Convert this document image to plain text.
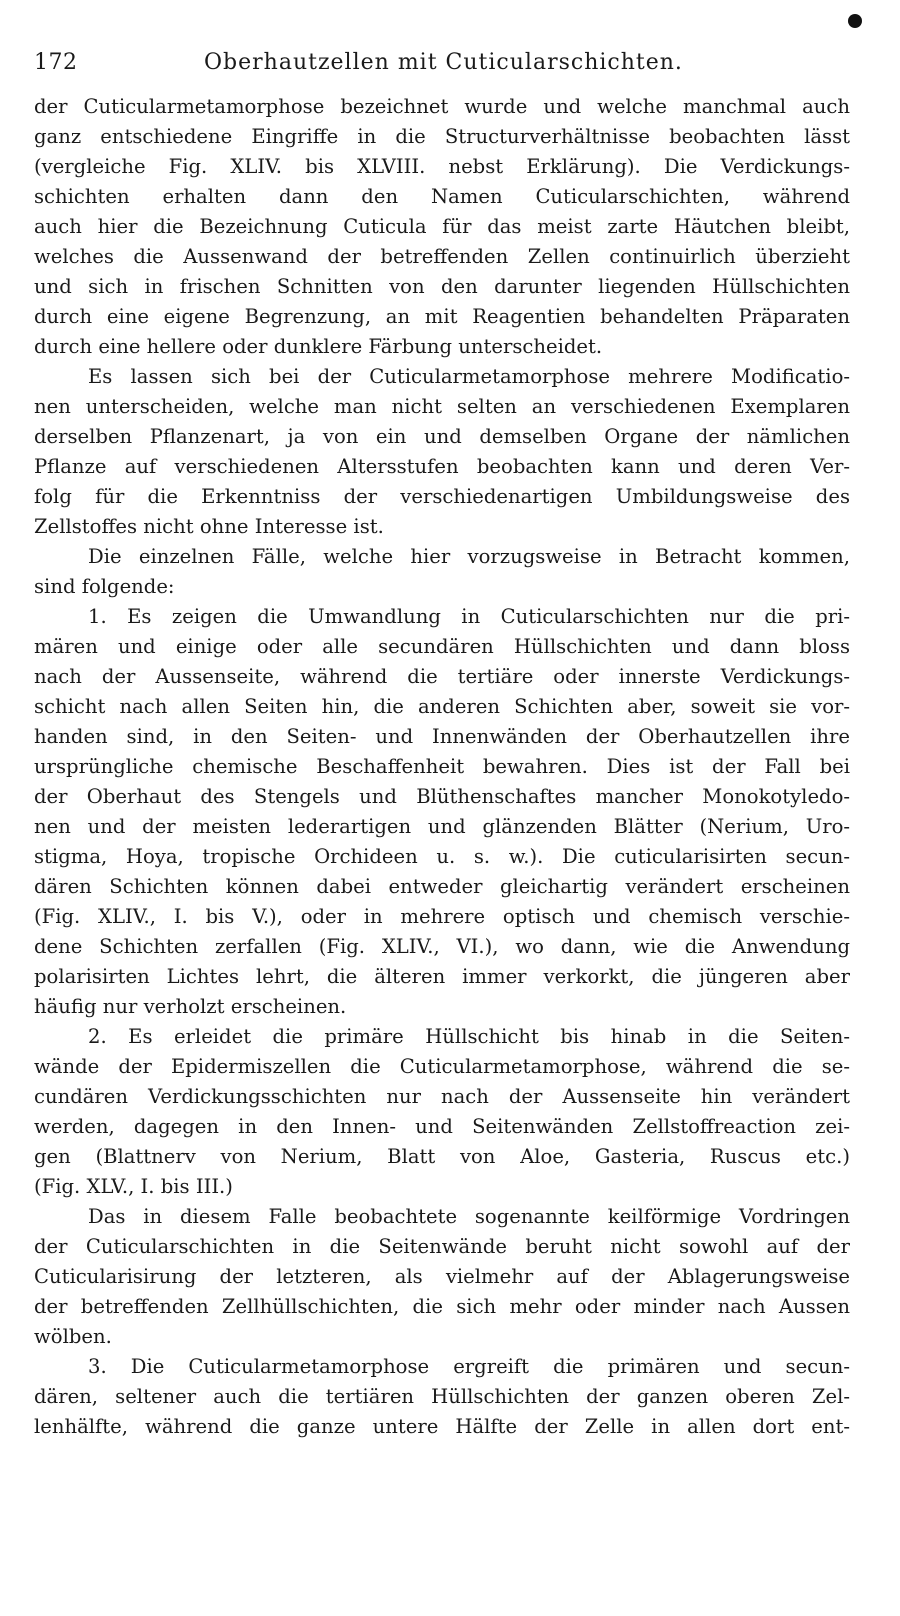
172	Oberhautzellen mit Cuticularschichten.
der Cuticularmetamorphose bezeichnet wurde und welche manchmal auch
ganz entschiedene Eingriffe in die Structurverhältnisse beobachten lässt
(vergleiche Fig. XLIV. bis XLVIII. nebst Erklärung). Die Verdickungs-
schichten erhalten dann den Namen Cuticularschichten, während
auch hier die Bezeichnung Cuticula für das meist zarte Häutchen bleibt,
welches die Aussenwand der betreffenden Zellen continuirlich überzieht
und sich in frischen Schnitten von den darunter liegenden Hüllschichten
durch eine eigene Begrenzung, an mit Reagentien behandelten Präparaten
durch eine hellere oder dunklere Färbung unterscheidet.
Es lassen sich bei der Cuticularmetamorphose mehrere Modificatio-
nen unterscheiden, welche man nicht selten an verschiedenen Exemplaren
derselben Pflanzenart, ja von ein und demselben Organe der nämlichen
Pflanze auf verschiedenen Altersstufen beobachten kann und deren Ver-
folg für die Erkenntniss der verschiedenartigen Umbildungsweise des
Zellstoffes nicht ohne Interesse ist.
Die einzelnen Fälle, welche hier vorzugsweise in Betracht kommen,
sind folgende:
1. Es zeigen die Umwandlung in Cuticularschichten nur die pri-
mären und einige oder alle secundären Hüllschichten und dann bloss
nach der Aussenseite, während die tertiäre oder innerste Verdickungs-
schicht nach allen Seiten hin, die anderen Schichten aber, soweit sie vor-
handen sind, in den Seiten- und Innenwänden der Oberhautzellen ihre
ursprüngliche chemische Beschaffenheit bewahren. Dies ist der Fall bei
der Oberhaut des Stengels und Blüthenschaftes mancher Monokotyledo-
nen und der meisten lederartigen und glänzenden Blätter (Nerium, Uro-
stigma, Hoya, tropische Orchideen u. s. w.). Die cuticularisirten secun-
dären Schichten können dabei entweder gleichartig verändert erscheinen
(Fig. XLIV., I. bis V.), oder in mehrere optisch und chemisch verschie-
dene Schichten zerfallen (Fig. XLIV., VI.), wo dann, wie die Anwendung
polarisirten Lichtes lehrt, die älteren immer verkorkt, die jüngeren aber
häufig nur verholzt erscheinen.
2. Es erleidet die primäre Hüllschicht bis hinab in die Seiten-
wände der Epidermiszellen die Cuticularmetamorphose, während die se-
cundären Verdickungsschichten nur nach der Aussenseite hin verändert
werden, dagegen in den Innen- und Seitenwänden Zellstoffreaction zei-
gen (Blattnerv von Nerium, Blatt von Aloe, Gasteria, Ruscus etc.)
(Fig. XLV., I. bis III.)
Das in diesem Falle beobachtete sogenannte keilförmige Vordringen
der Cuticularschichten in die Seitenwände beruht nicht sowohl auf der
Cuticularisirung der letzteren, als vielmehr auf der Ablagerungsweise
der betreffenden Zellhüllschichten, die sich mehr oder minder nach Aussen
wölben.
3. Die Cuticularmetamorphose ergreift die primären und secun-
dären, seltener auch die tertiären Hüllschichten der ganzen oberen Zel-
lenhälfte, während die ganze untere Hälfte der Zelle in allen dort ent-
